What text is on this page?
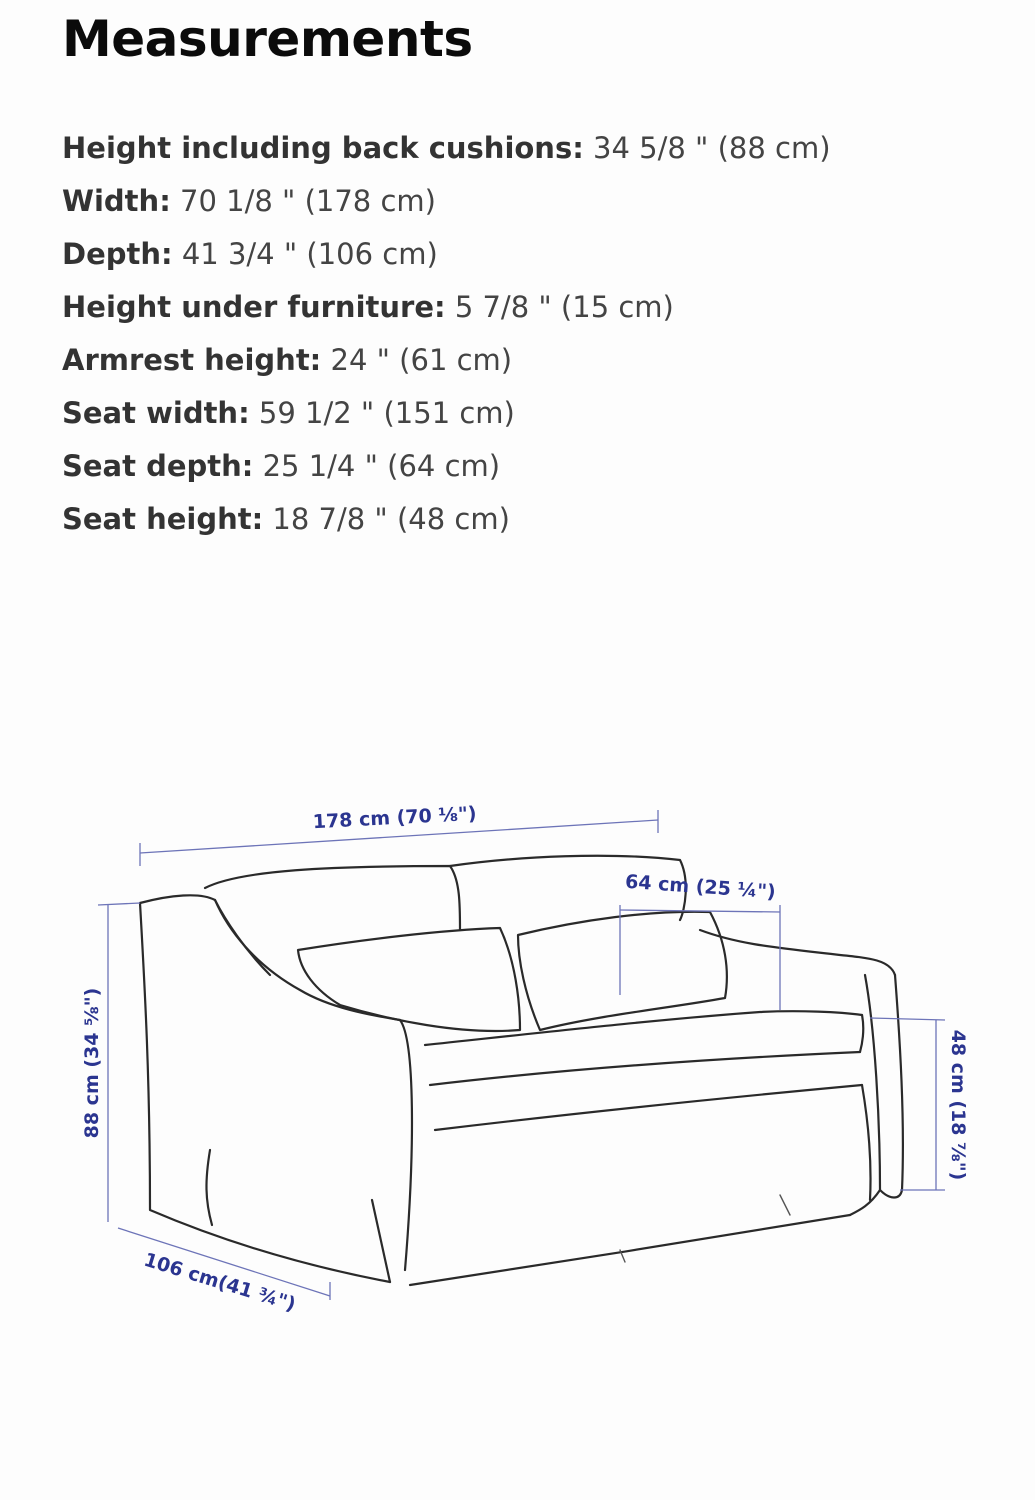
Measurements
Height including back cushions: 34 5/8 " (88 cm)
Width: 70 1/8 " (178 cm)
Depth: 41 3/4 " (106 cm)
Height under furniture: 5 7/8 " (15 cm)
Armrest height: 24 " (61 cm)
Seat width: 59 1/2 " (151 cm)
Seat depth: 25 1/4 " (64 cm)
Seat height: 18 7/8 " (48 cm)
178 cm (70 ⅛")
64 cm (25 ¼")
88 cm (34 ⅝")	48 cm (18 ⅞")
106 cm(41 ¾")
